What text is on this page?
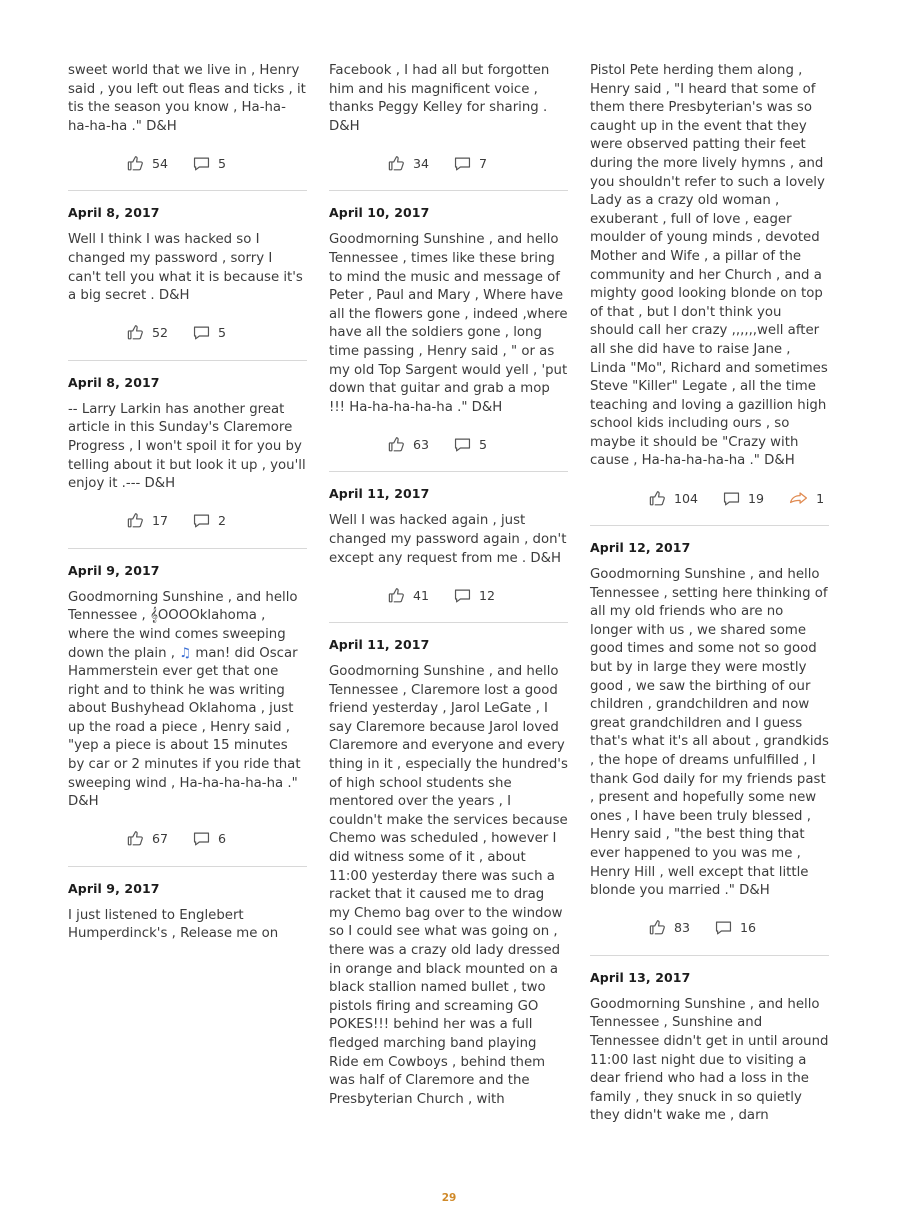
sweet world that we live in , Henry said , you left out fleas and ticks , it tis the season you know , Ha-ha-ha-ha-ha ." D&H
54	5
April 8, 2017
Well I think I was hacked so I changed my password , sorry I can't tell you what it is because it's a big secret . D&H
52	5
April 8, 2017
-- Larry Larkin has another great article in this Sunday's Claremore Progress , I won't spoil it for you by telling about it but look it up , you'll enjoy it .--- D&H
17	2
April 9, 2017
Goodmorning Sunshine , and hello Tennessee , 𝄞OOOOklahoma , where the wind comes sweeping down the plain , ♫ man! did Oscar Hammerstein ever get that one right and to think he was writing about Bushyhead Oklahoma , just up the road a piece , Henry said , "yep a piece is about 15 minutes by car or 2 minutes if you ride that sweeping wind , Ha-ha-ha-ha-ha ." D&H
67	6
April 9, 2017
I just listened to Englebert Humperdinck's , Release me on
Facebook , I had all but forgotten him and his magnificent voice , thanks Peggy Kelley for sharing . D&H
34	7
April 10, 2017
Goodmorning Sunshine , and hello Tennessee , times like these bring to mind the music and message of Peter , Paul and Mary , Where have all the flowers gone , indeed ,where have all the soldiers gone , long time passing , Henry said , " or as my old Top Sargent would yell , 'put down that guitar and grab a mop !!! Ha-ha-ha-ha-ha ." D&H
63	5
April 11, 2017
Well I was hacked again , just changed my password again , don't except any request from me . D&H
41	12
April 11, 2017
Goodmorning Sunshine , and hello Tennessee , Claremore lost a good friend yesterday , Jarol LeGate , I say Claremore because Jarol loved Claremore and everyone and every thing in it , especially the hundred's of high school students she mentored over the years , I couldn't make the services because Chemo was scheduled , however I did witness some of it , about 11:00 yesterday there was such a racket that it caused me to drag my Chemo bag over to the window so I could see what was going on , there was a crazy old lady dressed in orange and black mounted on a black stallion named bullet , two pistols firing and screaming GO POKES!!! behind her was a full fledged marching band playing Ride em Cowboys , behind them was half of Claremore and the Presbyterian Church , with
Pistol Pete herding them along , Henry said , "I heard that some of them there Presbyterian's was so caught up in the event that they were observed patting their feet during the more lively hymns , and you shouldn't refer to such a lovely Lady as a crazy old woman , exuberant , full of love , eager moulder of young minds , devoted Mother and Wife , a pillar of the community and her Church , and a mighty good looking blonde on top of that , but I don't think you should call her crazy ,,,,,,well after all she did have to raise Jane , Linda "Mo", Richard and sometimes Steve "Killer" Legate , all the time teaching and loving a gazillion high school kids including ours , so maybe it should be "Crazy with cause , Ha-ha-ha-ha-ha ." D&H
104	19	1
April 12, 2017
Goodmorning Sunshine , and hello Tennessee , setting here thinking of all my old friends who are no longer with us , we shared some good times and some not so good but by in large they were mostly good , we saw the birthing of our children , grandchildren and now great grandchildren and I guess that's what it's all about , grandkids , the hope of dreams unfulfilled , I thank God daily for my friends past , present and hopefully some new ones , I have been truly blessed , Henry said , "the best thing that ever happened to you was me , Henry Hill , well except that little blonde you married ." D&H
83	16
April 13, 2017
Goodmorning Sunshine , and hello Tennessee , Sunshine and Tennessee didn't get in until around 11:00 last night due to visiting a dear friend who had a loss in the family , they snuck in so quietly they didn't wake me , darn
29
